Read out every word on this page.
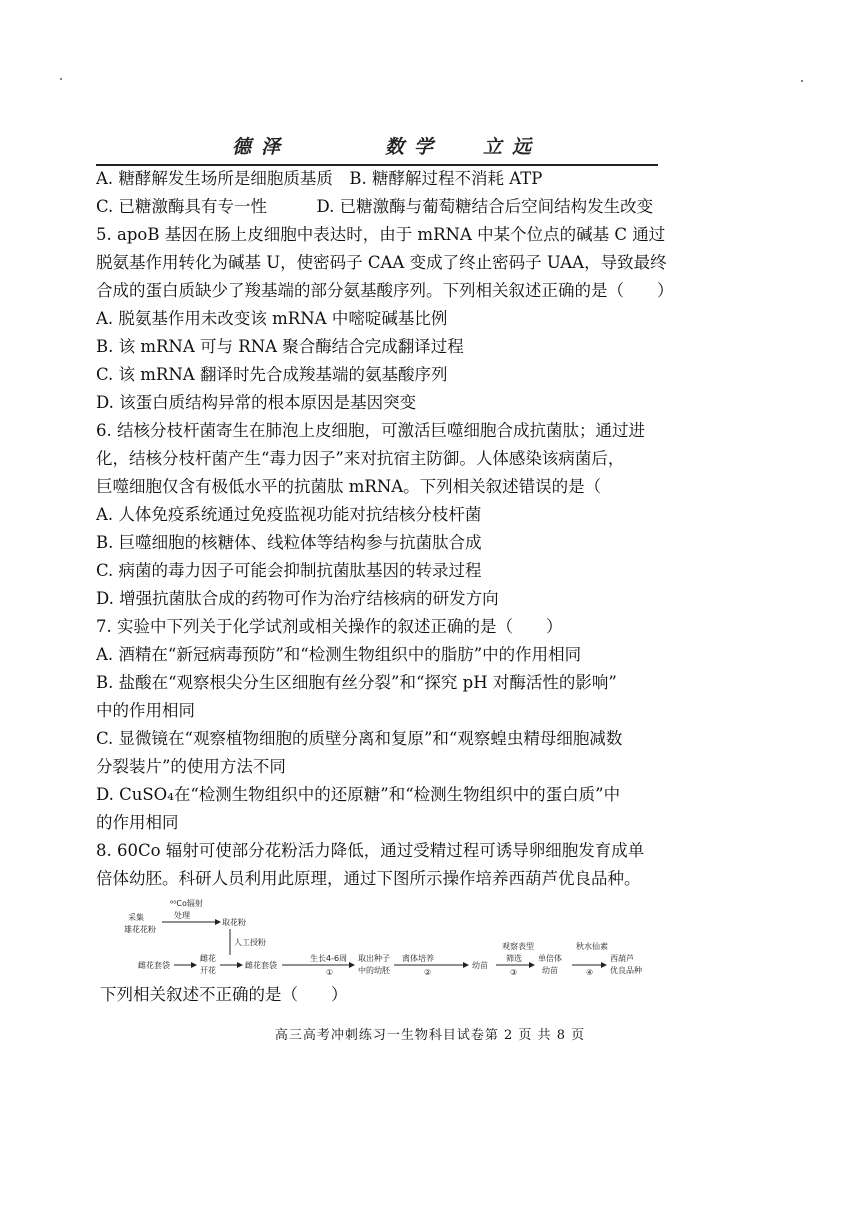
德泽	数学 立远
A. 糖酵解发生场所是细胞质基质　B. 糖酵解过程不消耗 ATP
C. 已糖激酶具有专一性　　　D. 已糖激酶与葡萄糖结合后空间结构发生改变
5. apoB 基因在肠上皮细胞中表达时，由于 mRNA 中某个位点的碱基 C 通过
脱氨基作用转化为碱基 U，使密码子 CAA 变成了终止密码子 UAA，导致最终
合成的蛋白质缺少了羧基端的部分氨基酸序列。下列相关叙述正确的是（　　）
A. 脱氨基作用未改变该 mRNA 中嘧啶碱基比例
B. 该 mRNA 可与 RNA 聚合酶结合完成翻译过程
C. 该 mRNA 翻译时先合成羧基端的氨基酸序列
D. 该蛋白质结构异常的根本原因是基因突变
6. 结核分枝杆菌寄生在肺泡上皮细胞，可激活巨噬细胞合成抗菌肽；通过进
化，结核分枝杆菌产生“毒力因子”来对抗宿主防御。人体感染该病菌后，
巨噬细胞仅含有极低水平的抗菌肽 mRNA。下列相关叙述错误的是（
A. 人体免疫系统通过免疫监视功能对抗结核分枝杆菌
B. 巨噬细胞的核糖体、线粒体等结构参与抗菌肽合成
C. 病菌的毒力因子可能会抑制抗菌肽基因的转录过程
D. 增强抗菌肽合成的药物可作为治疗结核病的研发方向
7. 实验中下列关于化学试剂或相关操作的叙述正确的是（　　）
A. 酒精在“新冠病毒预防”和“检测生物组织中的脂肪”中的作用相同
B. 盐酸在“观察根尖分生区细胞有丝分裂”和“探究 pH 对酶活性的影响”
中的作用相同
C. 显微镜在“观察植物细胞的质壁分离和复原”和“观察蝗虫精母细胞减数
分裂装片”的使用方法不同
D. CuSO₄在“检测生物组织中的还原糖”和“检测生物组织中的蛋白质”中
的作用相同
8. 60Co 辐射可使部分花粉活力降低，通过受精过程可诱导卵细胞发育成单
倍体幼胚。科研人员利用此原理，通过下图所示操作培养西葫芦优良品种。
⁶⁰Co辐射
采集
雄花花粉
处理
取花粉
人工授粉
雌花套袋
雌花
开花
雌花套袋
生长4-6周
①
取出种子
中的幼胚
离体培养
②
幼苗
观察表型
筛选
③
单倍体
幼苗
秋水仙素
④
西葫芦
优良品种
下列相关叙述不正确的是（　　）
高三高考冲刺练习一生物科目试卷第 2 页 共 8 页
